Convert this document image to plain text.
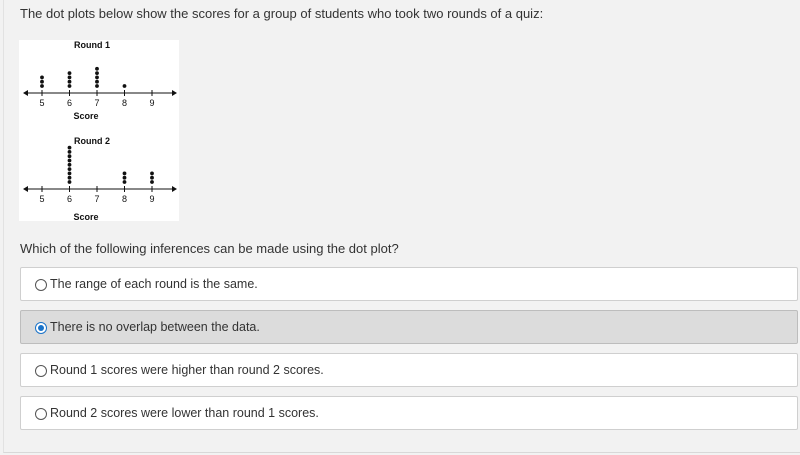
The dot plots below show the scores for a group of students who took two rounds of a quiz:
Round 1
5 6 7 8 9
Score
Round 2
5 6 7 8 9
Score
Which of the following inferences can be made using the dot plot?
The range of each round is the same.
There is no overlap between the data.
Round 1 scores were higher than round 2 scores.
Round 2 scores were lower than round 1 scores.
